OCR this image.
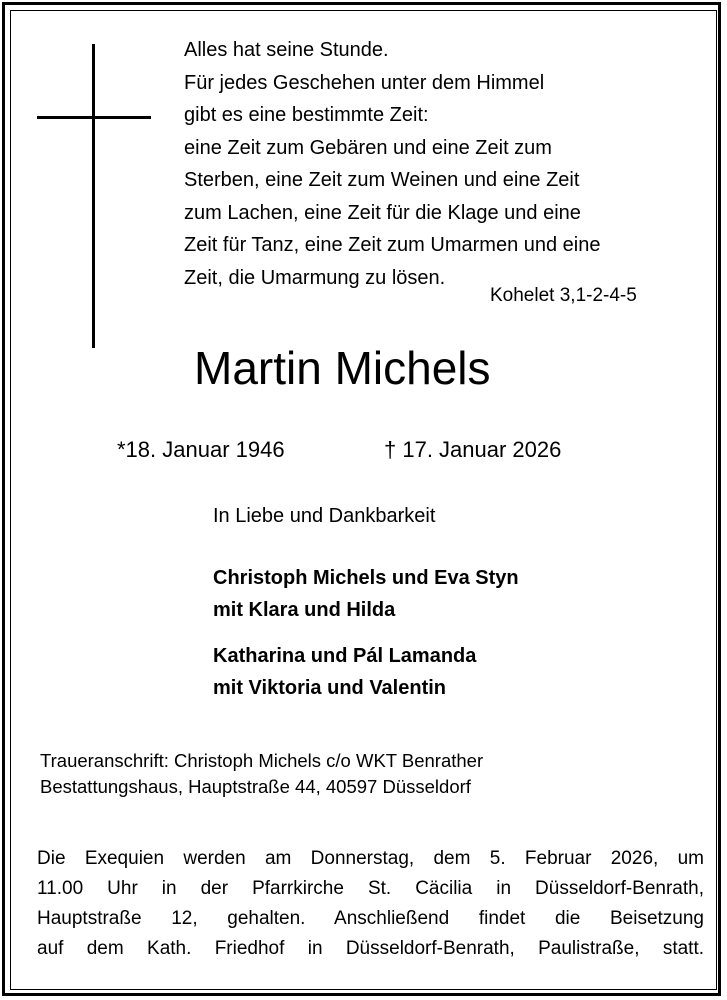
Alles hat seine Stunde.
Für jedes Geschehen unter dem Himmel
gibt es eine bestimmte Zeit:
eine Zeit zum Gebären und eine Zeit zum
Sterben, eine Zeit zum Weinen und eine Zeit
zum Lachen, eine Zeit für die Klage und eine
Zeit für Tanz, eine Zeit zum Umarmen und eine
Zeit, die Umarmung zu lösen.
Kohelet 3,1-2-4-5
Martin Michels
*18. Januar 1946	† 17. Januar 2026
In Liebe und Dankbarkeit
Christoph Michels und Eva Styn
mit Klara und Hilda
Katharina und Pál Lamanda
mit Viktoria und Valentin
Traueranschrift: Christoph Michels c/o WKT Benrather
Bestattungshaus, Hauptstraße 44, 40597 Düsseldorf
Die Exequien werden am Donnerstag, dem 5. Februar 2026, um
11.00 Uhr in der Pfarrkirche St. Cäcilia in Düsseldorf-Benrath,
Hauptstraße 12, gehalten. Anschließend findet die Beisetzung
auf dem Kath. Friedhof in Düsseldorf-Benrath, Paulistraße, statt.
